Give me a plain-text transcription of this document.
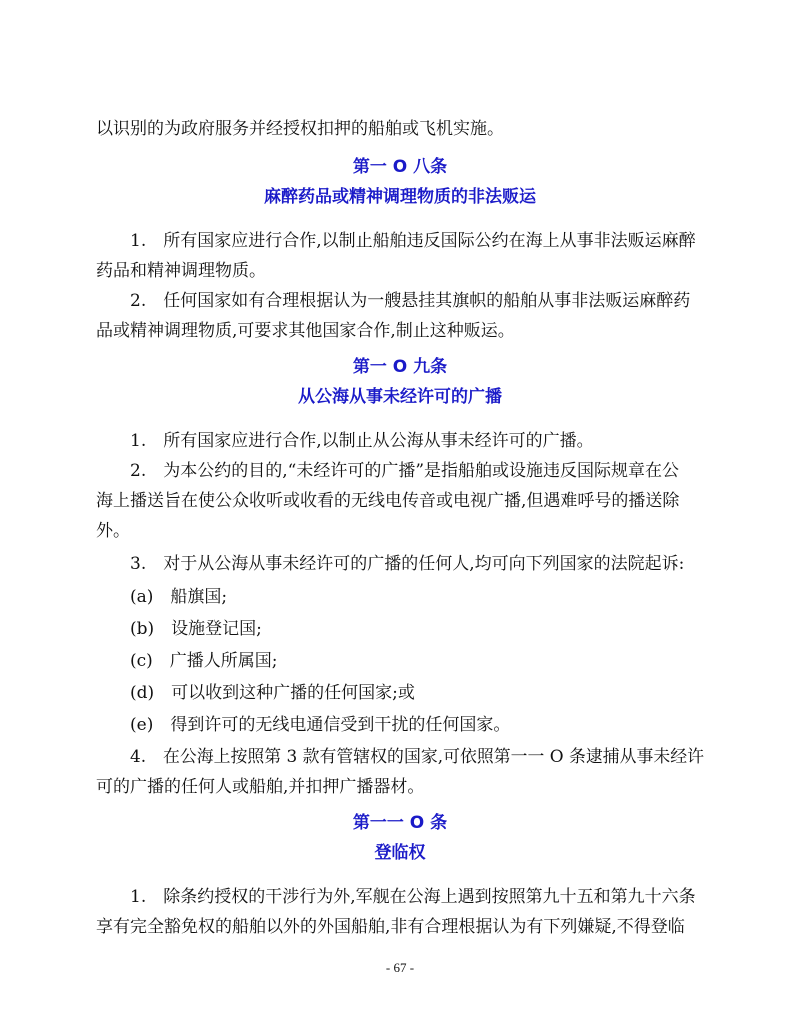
以识别的为政府服务并经授权扣押的船舶或飞机实施。
第一 O 八条
麻醉药品或精神调理物质的非法贩运
1.　所有国家应进行合作,以制止船舶违反国际公约在海上从事非法贩运麻醉
药品和精神调理物质。
2.　任何国家如有合理根据认为一艘悬挂其旗帜的船舶从事非法贩运麻醉药
品或精神调理物质,可要求其他国家合作,制止这种贩运。
第一 O 九条
从公海从事未经许可的广播
1.　所有国家应进行合作,以制止从公海从事未经许可的广播。
2.　为本公约的目的,“未经许可的广播”是指船舶或设施违反国际规章在公
海上播送旨在使公众收听或收看的无线电传音或电视广播,但遇难呼号的播送除
外。
3.　对于从公海从事未经许可的广播的任何人,均可向下列国家的法院起诉:
(a)　船旗国;
(b)　设施登记国;
(c)　广播人所属国;
(d)　可以收到这种广播的任何国家;或
(e)　得到许可的无线电通信受到干扰的任何国家。
4.　在公海上按照第 3 款有管辖权的国家,可依照第一一 O 条逮捕从事未经许
可的广播的任何人或船舶,并扣押广播器材。
第一一 O 条
登临权
1.　除条约授权的干涉行为外,军舰在公海上遇到按照第九十五和第九十六条
享有完全豁免权的船舶以外的外国船舶,非有合理根据认为有下列嫌疑,不得登临
- 67 -
